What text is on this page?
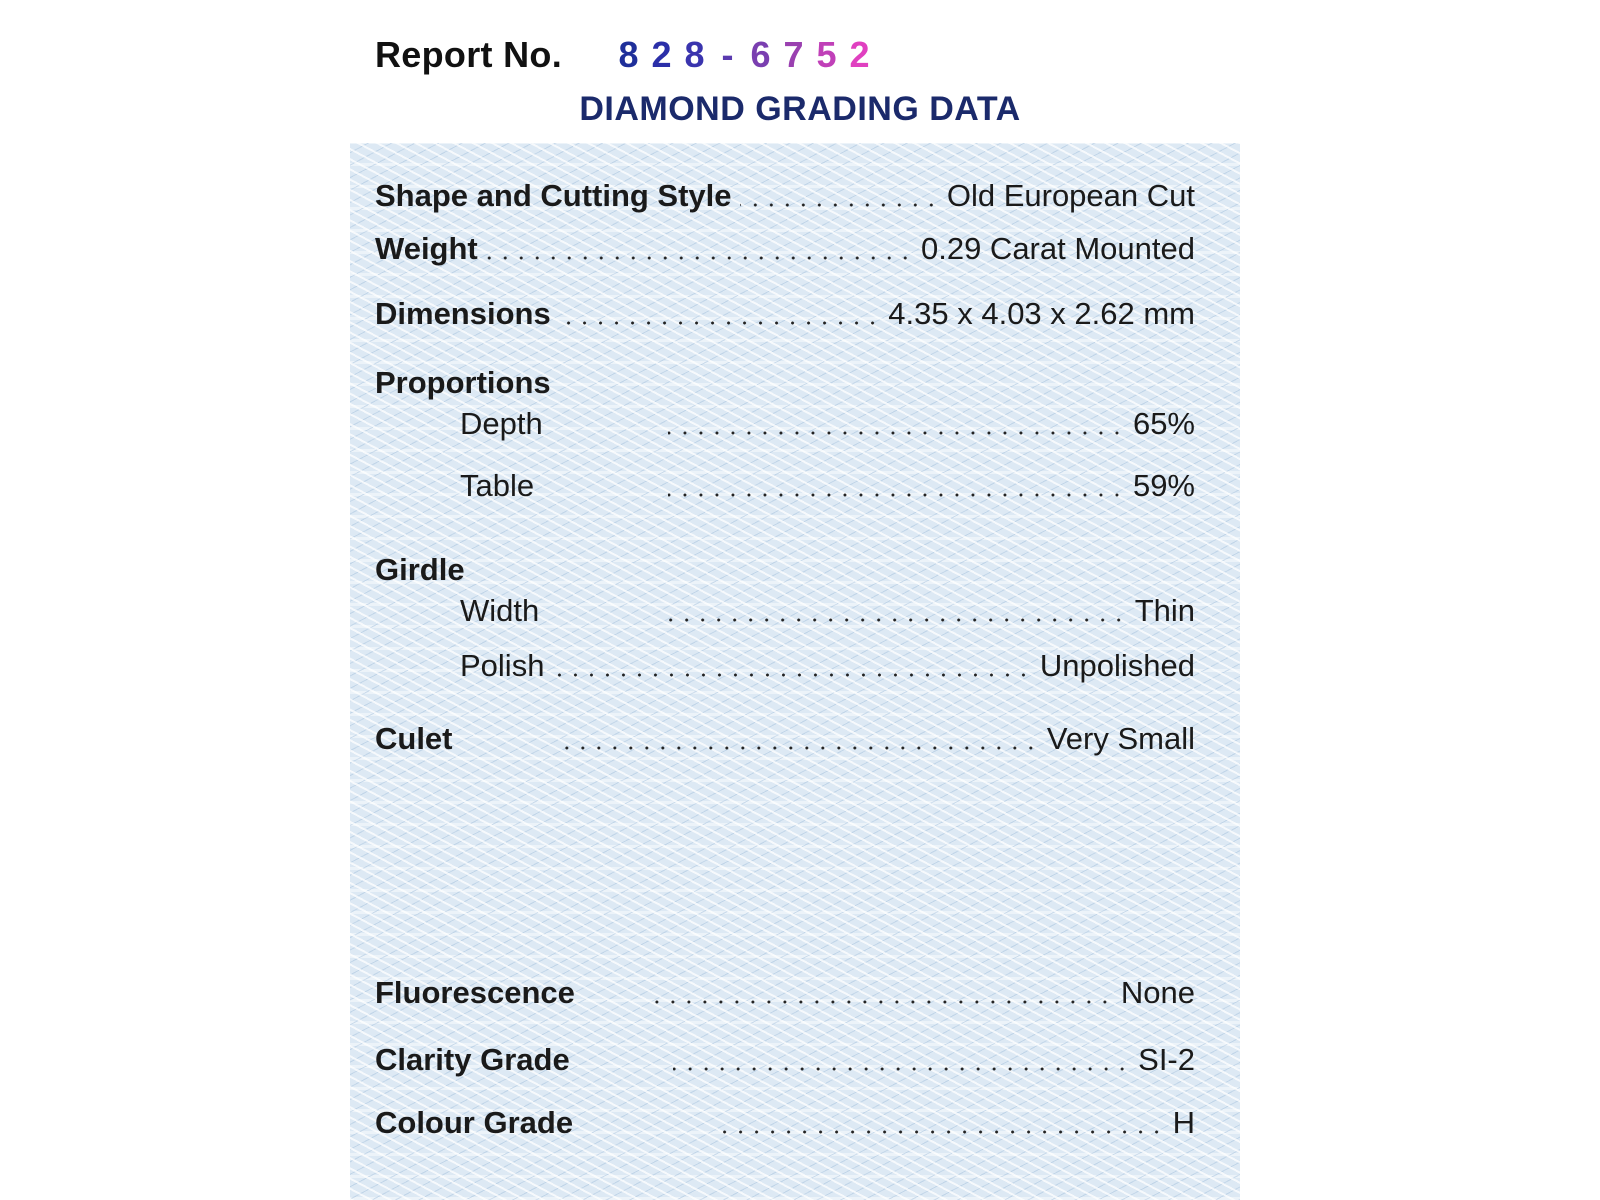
Report No. 8 2 8 - 6 7 5 2
DIAMOND GRADING DATA
Shape and Cutting Style	Old European Cut
Weight	0.29 Carat Mounted
Dimensions	4.35 x 4.03 x 2.62 mm
Proportions
Depth	65%
Table	59%
Girdle
Width	Thin
Polish	Unpolished
Culet	Very Small
Fluorescence	None
Clarity Grade	SI-2
Colour Grade	H
